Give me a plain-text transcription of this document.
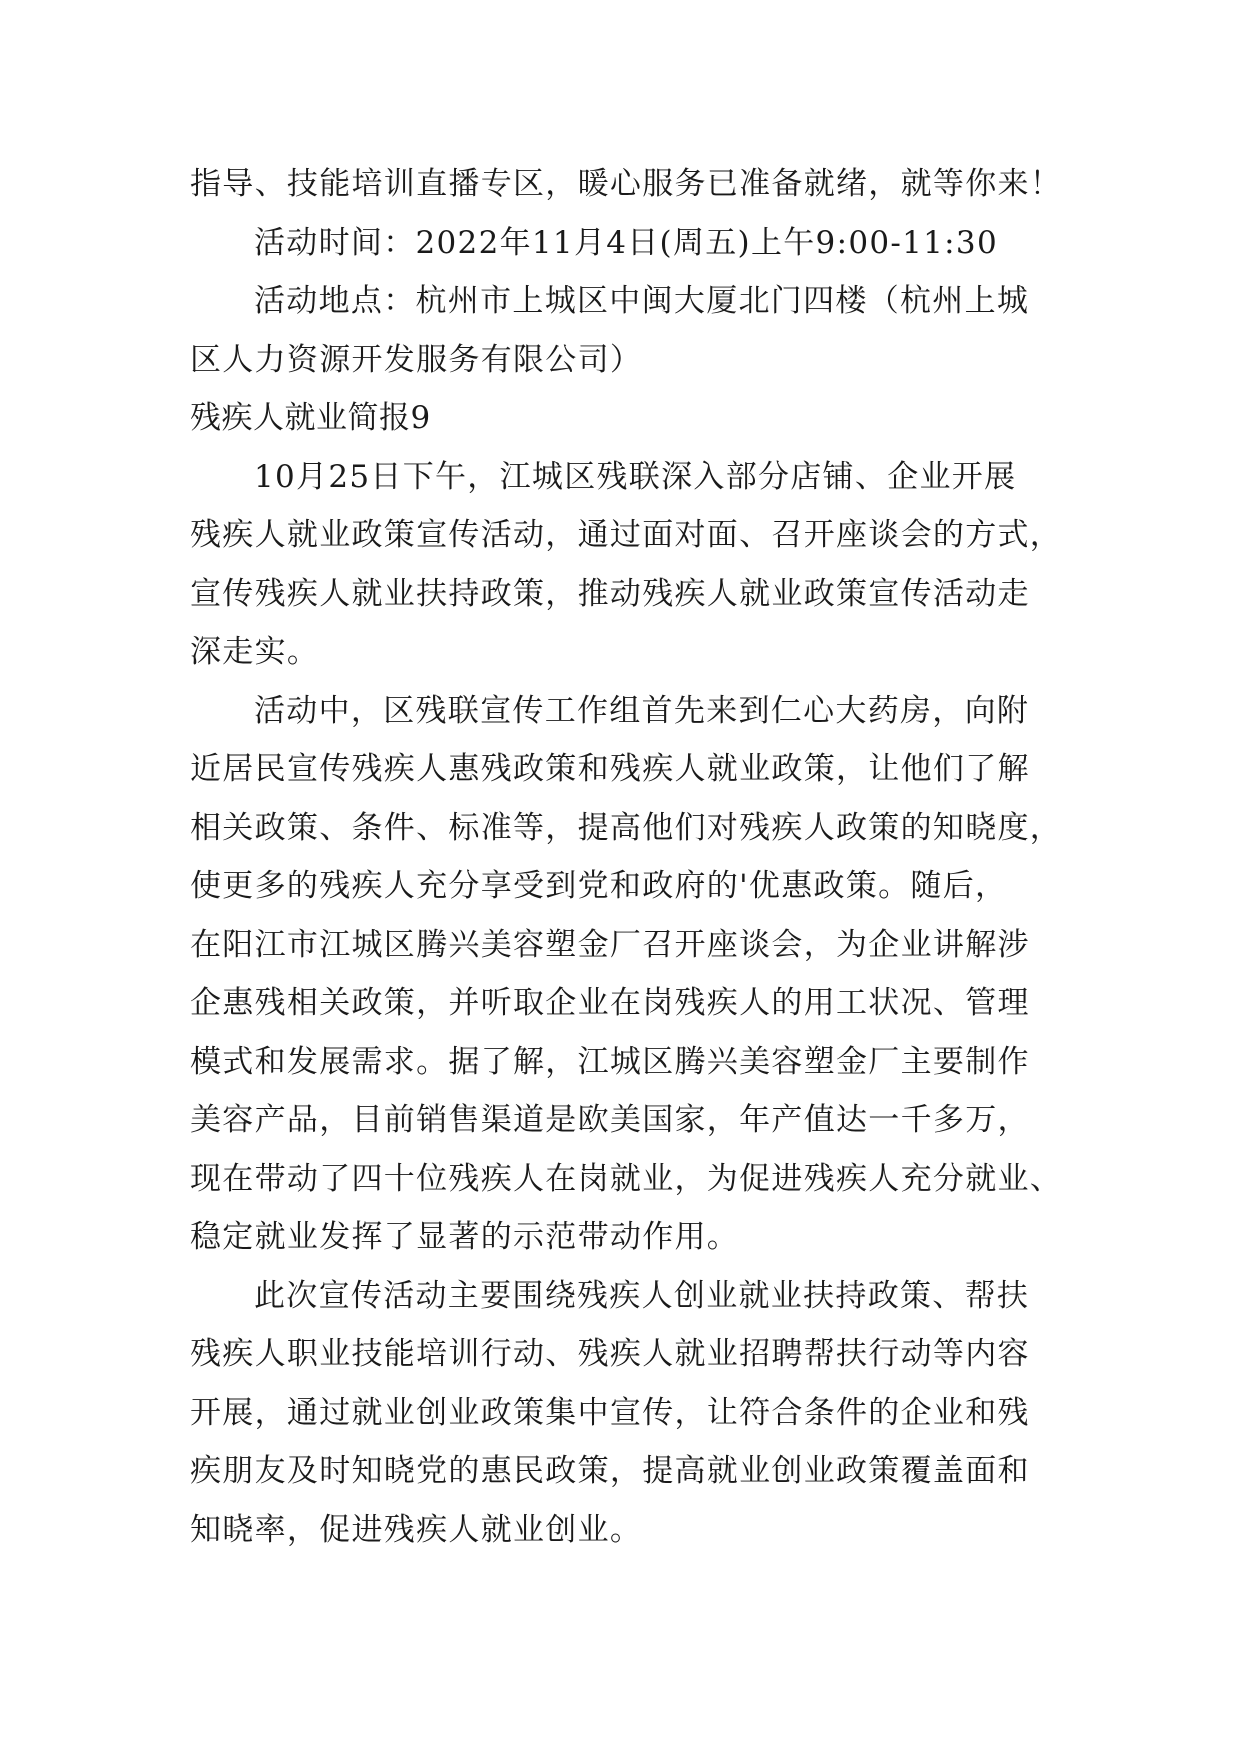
指导、技能培训直播专区，暖心服务已准备就绪，就等你来！
活动时间：2022年11月4日(周五)上午9:00-11:30
活动地点：杭州市上城区中闽大厦北门四楼（杭州上城
区人力资源开发服务有限公司）
残疾人就业简报9
10月25日下午，江城区残联深入部分店铺、企业开展
残疾人就业政策宣传活动，通过面对面、召开座谈会的方式，
宣传残疾人就业扶持政策，推动残疾人就业政策宣传活动走
深走实。
活动中，区残联宣传工作组首先来到仁心大药房，向附
近居民宣传残疾人惠残政策和残疾人就业政策，让他们了解
相关政策、条件、标准等，提高他们对残疾人政策的知晓度，
使更多的残疾人充分享受到党和政府的'优惠政策。随后，
在阳江市江城区腾兴美容塑金厂召开座谈会，为企业讲解涉
企惠残相关政策，并听取企业在岗残疾人的用工状况、管理
模式和发展需求。据了解，江城区腾兴美容塑金厂主要制作
美容产品，目前销售渠道是欧美国家，年产值达一千多万，
现在带动了四十位残疾人在岗就业，为促进残疾人充分就业、
稳定就业发挥了显著的示范带动作用。
此次宣传活动主要围绕残疾人创业就业扶持政策、帮扶
残疾人职业技能培训行动、残疾人就业招聘帮扶行动等内容
开展，通过就业创业政策集中宣传，让符合条件的企业和残
疾朋友及时知晓党的惠民政策，提高就业创业政策覆盖面和
知晓率，促进残疾人就业创业。
